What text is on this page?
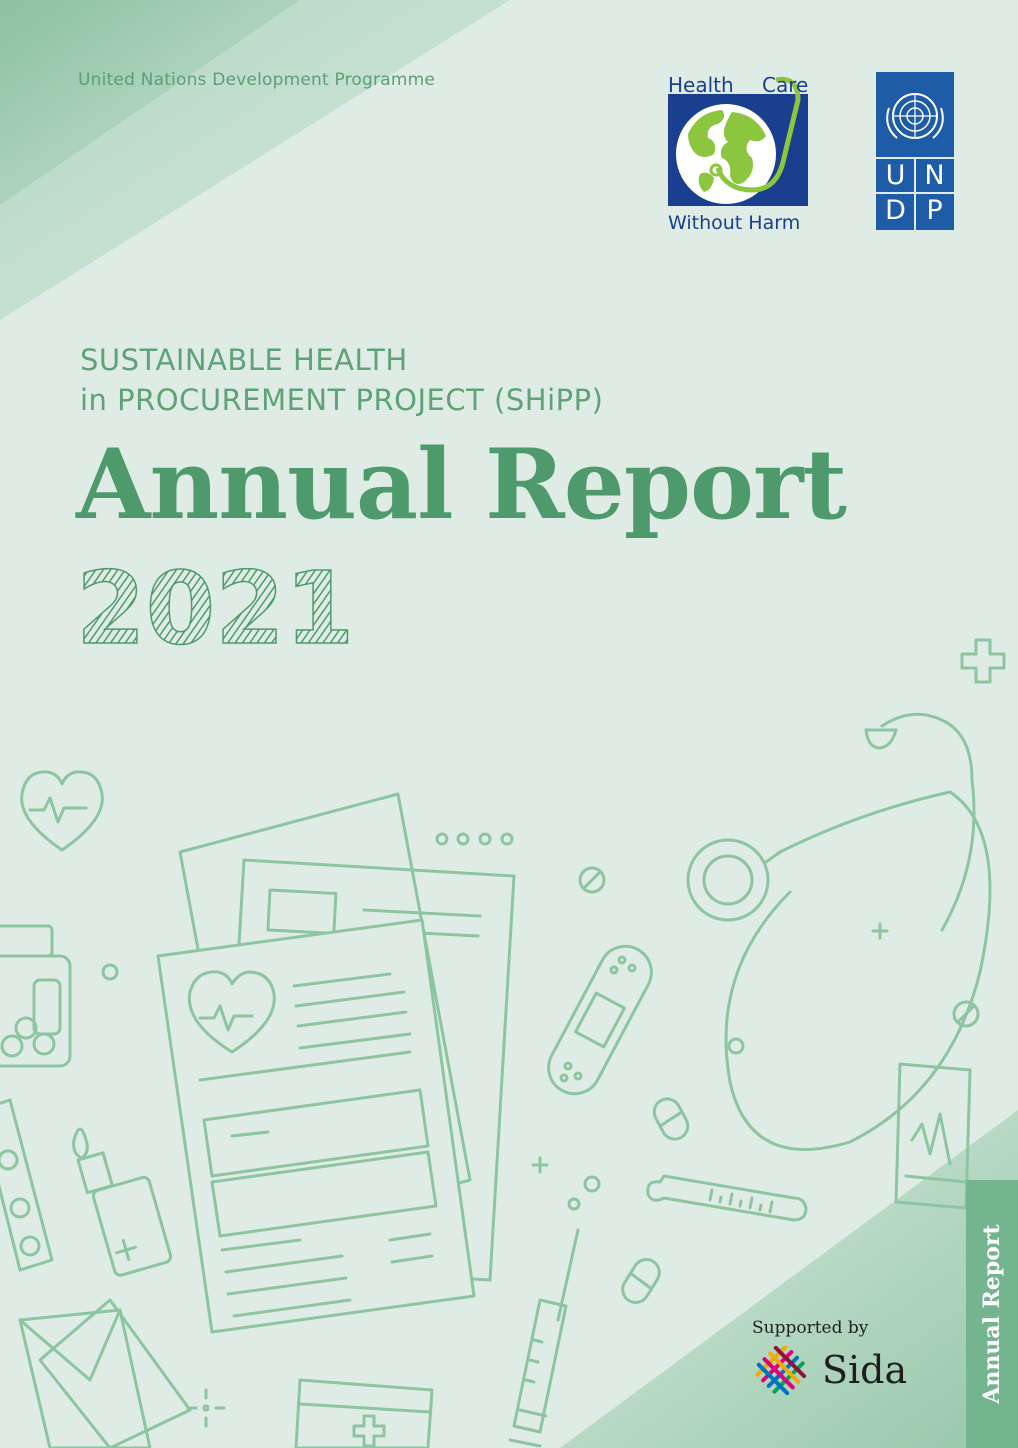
United Nations Development Programme	Health Care
Without Harm
U N
D P
SUSTAINABLE HEALTH
in PROCUREMENT PROJECT (SHiPP)
Annual Report
2021
Supported by
Sida	Annual Report
